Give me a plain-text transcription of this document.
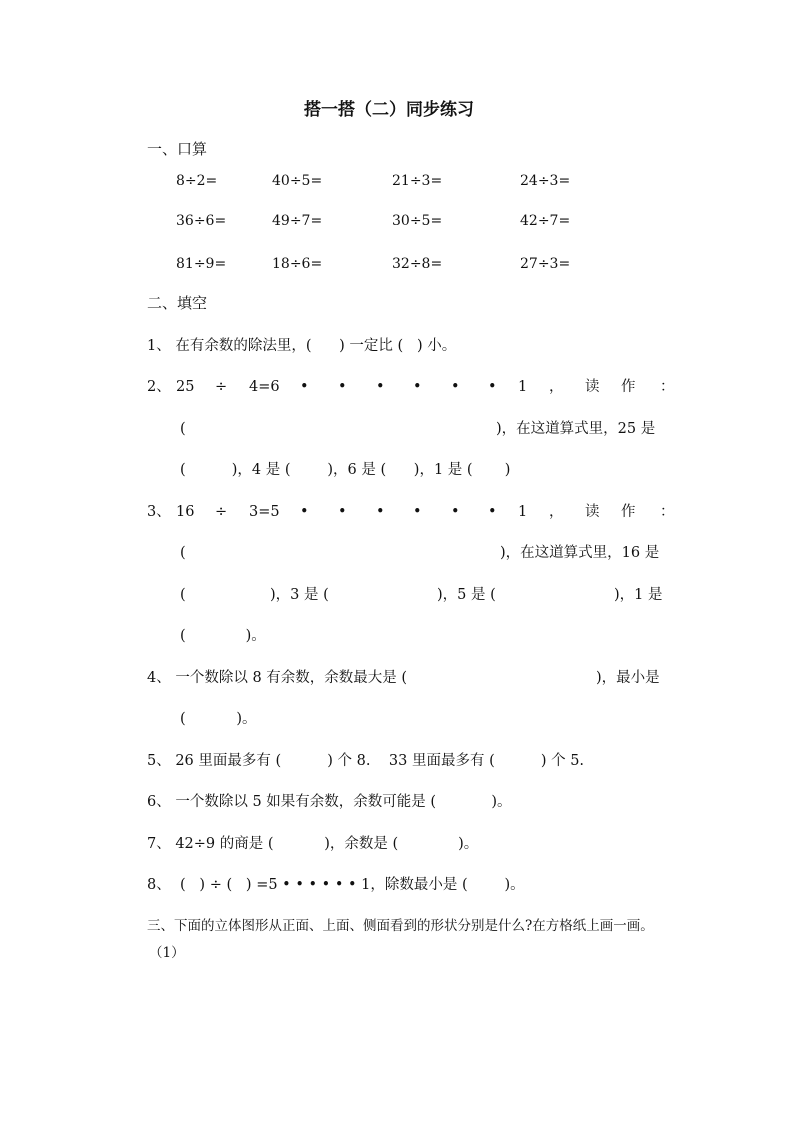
搭一搭（二）同步练习
一、口算
8÷2=	40÷5=	21÷3=	24÷3=
36÷6=	49÷7=	30÷5=	42÷7=
81÷9=	18÷6=	32÷8=	27÷3=
二、填空
1、 在有余数的除法里，(      ) 一定比 (   ) 小。
2、 25 ÷ 4=6 • • • • • • 1 ， 读 作 ：
(	)，在这道算式里，25 是
(          )，4 是 (        )，6 是 (      )，1 是 (       )
3、 16 ÷ 3=5 • • • • • • 1 ， 读 作 ：
(	)，在这道算式里，16 是
(	)，3 是 (	)，5 是 (	)，1 是
(             )。
4、 一个数除以 8 有余数，余数最大是 (	)，最小是
(           )。
5、 26 里面最多有 (          ) 个 8.    33 里面最多有 (          ) 个 5.
6、 一个数除以 5 如果有余数，余数可能是 (            )。
7、 42÷9 的商是 (           )，余数是 (             )。
8、  (   ) ÷ (   ) =5 • • • • • • 1，除数最小是 (        )。
三、下面的立体图形从正面、上面、侧面看到的形状分别是什么?在方格纸上画一画。
（1）
